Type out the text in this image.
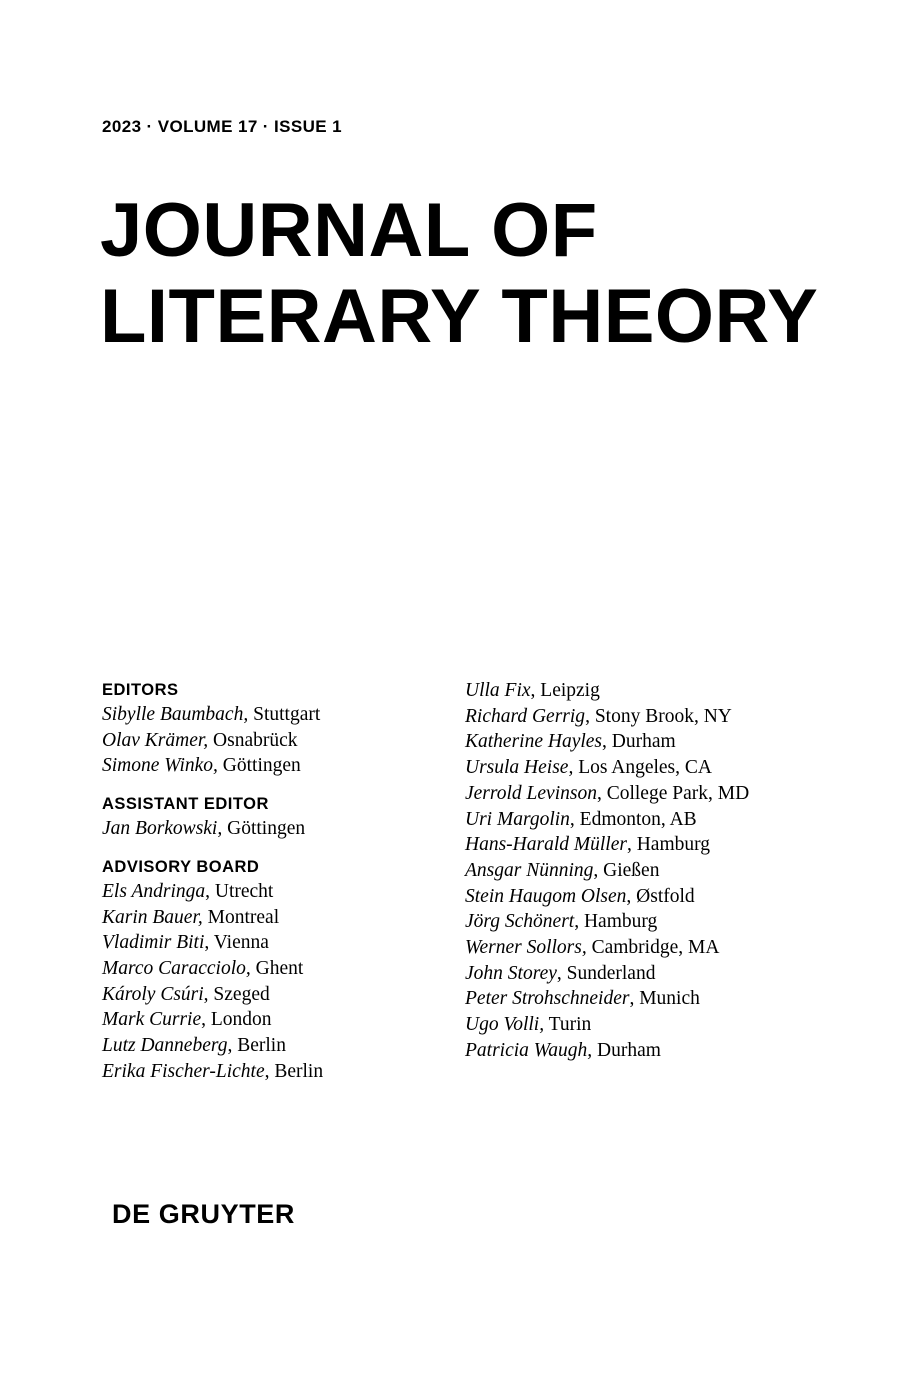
2023 · VOLUME 17 · ISSUE 1
JOURNAL OF
LITERARY THEORY
EDITORS
Sibylle Baumbach, Stuttgart
Olav Krämer, Osnabrück
Simone Winko, Göttingen
ASSISTANT EDITOR
Jan Borkowski, Göttingen
ADVISORY BOARD
Els Andringa, Utrecht
Karin Bauer, Montreal
Vladimir Biti, Vienna
Marco Caracciolo, Ghent
Károly Csúri, Szeged
Mark Currie, London
Lutz Danneberg, Berlin
Erika Fischer-Lichte, Berlin
Ulla Fix, Leipzig
Richard Gerrig, Stony Brook, NY
Katherine Hayles, Durham
Ursula Heise, Los Angeles, CA
Jerrold Levinson, College Park, MD
Uri Margolin, Edmonton, AB
Hans-Harald Müller, Hamburg
Ansgar Nünning, Gießen
Stein Haugom Olsen, Østfold
Jörg Schönert, Hamburg
Werner Sollors, Cambridge, MA
John Storey, Sunderland
Peter Strohschneider, Munich
Ugo Volli, Turin
Patricia Waugh, Durham
DE GRUYTER
